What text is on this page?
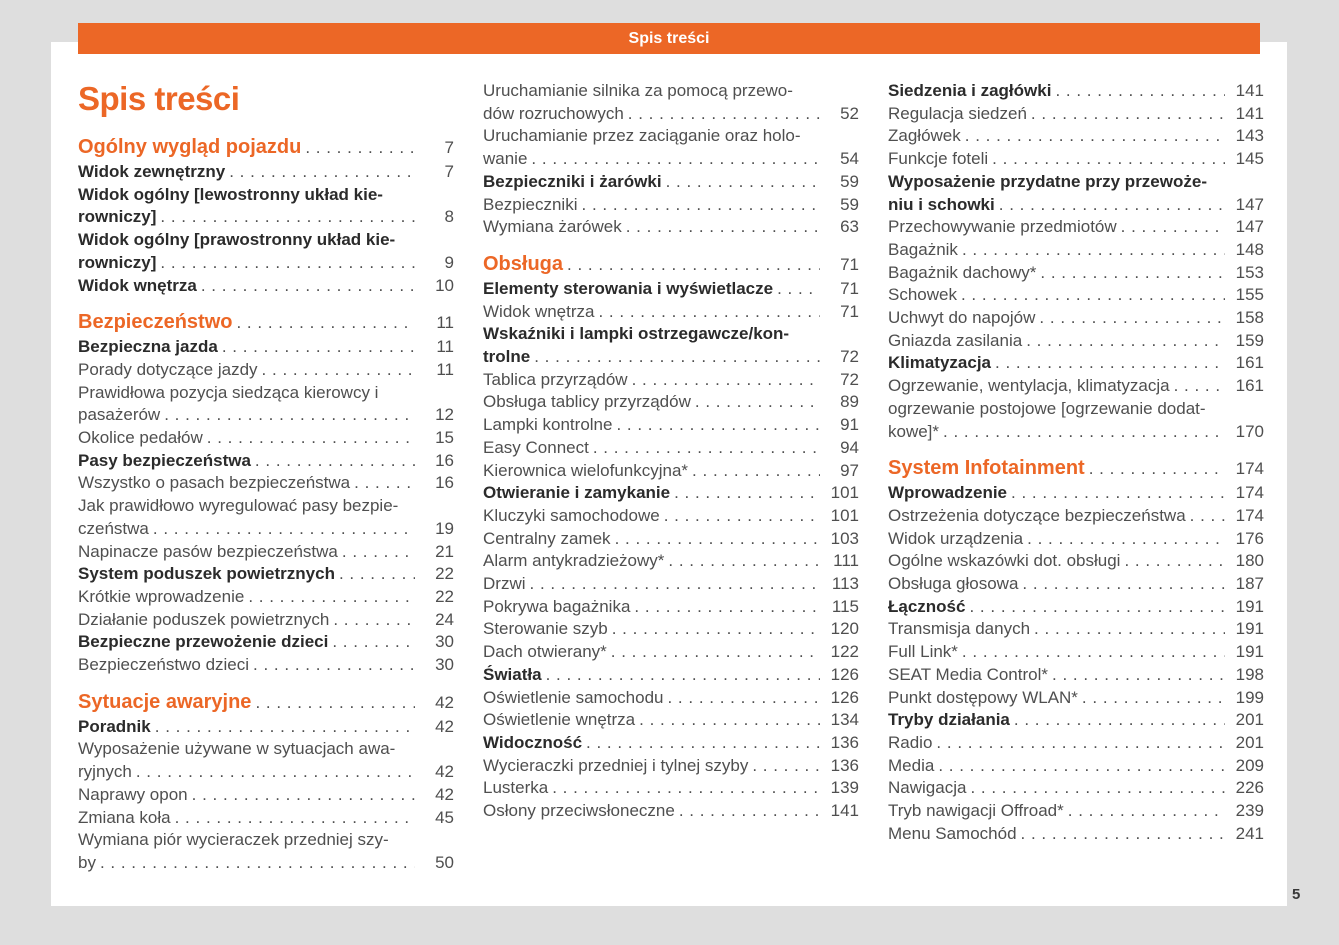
Spis treści
Spis treści
Ogólny wygląd pojazdu . . .	7
Widok zewnętrzny . . .	7
Widok ogólny [lewostronny układ kie-
rowniczy] . . .	8
Widok ogólny [prawostronny układ kie-
rowniczy] . . .	9
Widok wnętrza . . .	10
Bezpieczeństwo . . .	11
Bezpieczna jazda . . .	11
Porady dotyczące jazdy . . .	11
Prawidłowa pozycja siedząca kierowcy i
pasażerów . . .	12
Okolice pedałów . . .	15
Pasy bezpieczeństwa . . .	16
Wszystko o pasach bezpieczeństwa . . .	16
Jak prawidłowo wyregulować pasy bezpie-
czeństwa . . .	19
Napinacze pasów bezpieczeństwa . . .	21
System poduszek powietrznych . . .	22
Krótkie wprowadzenie . . .	22
Działanie poduszek powietrznych . . .	24
Bezpieczne przewożenie dzieci . . .	30
Bezpieczeństwo dzieci . . .	30
Sytuacje awaryjne . . .	42
Poradnik . . .	42
Wyposażenie używane w sytuacjach awa-
ryjnych . . .	42
Naprawy opon . . .	42
Zmiana koła . . .	45
Wymiana piór wycieraczek przedniej szy-
by . . .	50
Uruchamianie silnika za pomocą przewo-
dów rozruchowych . . .	52
Uruchamianie przez zaciąganie oraz holo-
wanie . . .	54
Bezpieczniki i żarówki . . .	59
Bezpieczniki . . .	59
Wymiana żarówek . . .	63
Obsługa . . .	71
Elementy sterowania i wyświetlacze . . .	71
Widok wnętrza . . .	71
Wskaźniki i lampki ostrzegawcze/kon-
trolne . . .	72
Tablica przyrządów . . .	72
Obsługa tablicy przyrządów . . .	89
Lampki kontrolne . . .	91
Easy Connect . . .	94
Kierownica wielofunkcyjna* . . .	97
Otwieranie i zamykanie . . .	101
Kluczyki samochodowe . . .	101
Centralny zamek . . .	103
Alarm antykradzieżowy* . . .	111
Drzwi . . .	113
Pokrywa bagażnika . . .	115
Sterowanie szyb . . .	120
Dach otwierany* . . .	122
Światła . . .	126
Oświetlenie samochodu . . .	126
Oświetlenie wnętrza . . .	134
Widoczność . . .	136
Wycieraczki przedniej i tylnej szyby . . .	136
Lusterka . . .	139
Osłony przeciwsłoneczne . . .	141
Siedzenia i zagłówki . . .	141
Regulacja siedzeń . . .	141
Zagłówek . . .	143
Funkcje foteli . . .	145
Wyposażenie przydatne przy przewoże-
niu i schowki . . .	147
Przechowywanie przedmiotów . . .	147
Bagażnik . . .	148
Bagażnik dachowy* . . .	153
Schowek . . .	155
Uchwyt do napojów . . .	158
Gniazda zasilania . . .	159
Klimatyzacja . . .	161
Ogrzewanie, wentylacja, klimatyzacja . . .	161
ogrzewanie postojowe [ogrzewanie dodat-
kowe]* . . .	170
System Infotainment . . .	174
Wprowadzenie . . .	174
Ostrzeżenia dotyczące bezpieczeństwa . . .	174
Widok urządzenia . . .	176
Ogólne wskazówki dot. obsługi . . .	180
Obsługa głosowa . . .	187
Łączność . . .	191
Transmisja danych . . .	191
Full Link* . . .	191
SEAT Media Control* . . .	198
Punkt dostępowy WLAN* . . .	199
Tryby działania . . .	201
Radio . . .	201
Media . . .	209
Nawigacja . . .	226
Tryb nawigacji Offroad* . . .	239
Menu Samochód . . .	241
5
